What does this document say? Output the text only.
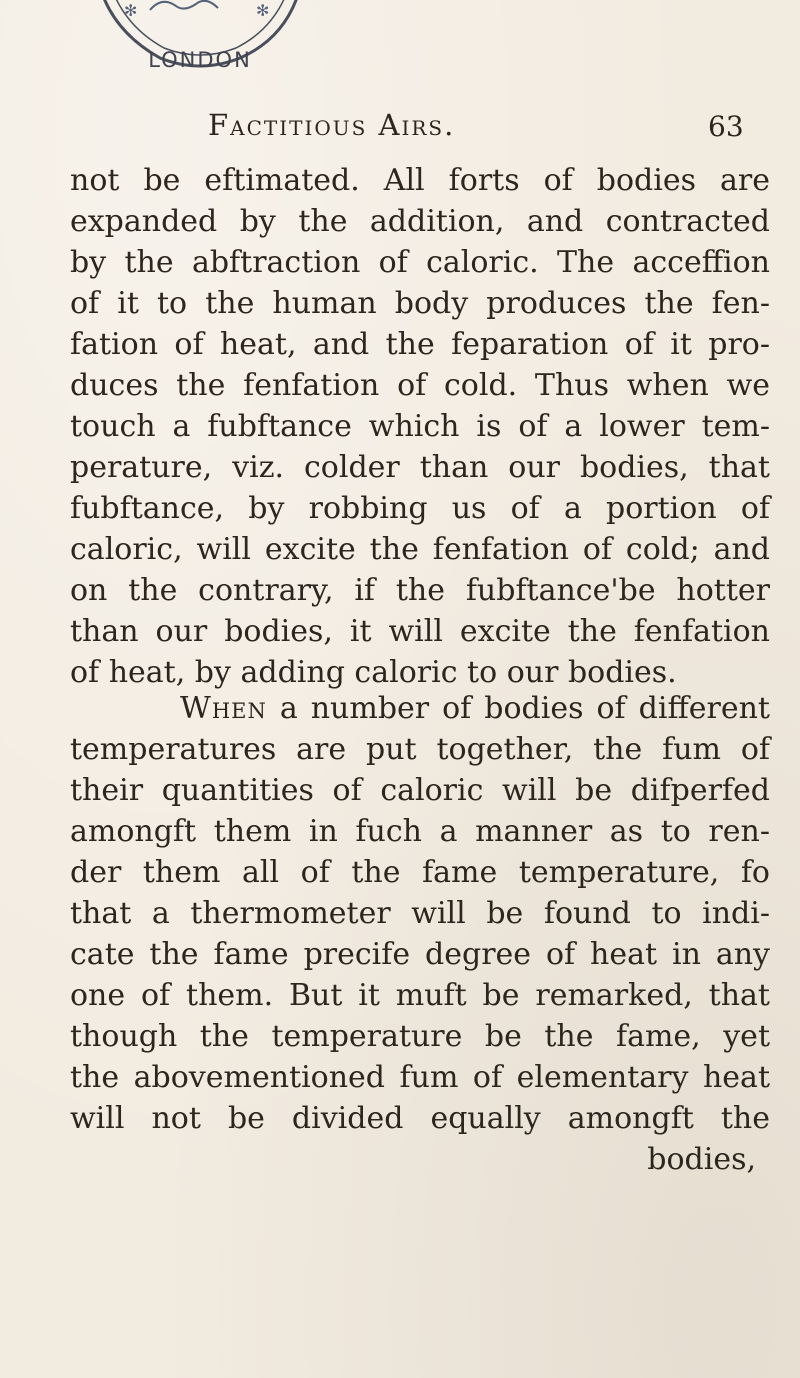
✻	✻
LONDON
Factitious Airs.	63
not be eftimated. All forts of bodies are
expanded by the addition, and contracted
by the abftraction of caloric. The acceffion
of it to the human body produces the fen-
fation of heat, and the feparation of it pro-
duces the fenfation of cold. Thus when we
touch a fubftance which is of a lower tem-
perature, viz. colder than our bodies, that
fubftance, by robbing us of a portion of
caloric, will excite the fenfation of cold; and
on the contrary, if the fubftance'be hotter
than our bodies, it will excite the fenfation
of heat, by adding caloric to our bodies.
When a number of bodies of different
temperatures are put together, the fum of
their quantities of caloric will be difperfed
amongft them in fuch a manner as to ren-
der them all of the fame temperature, fo
that a thermometer will be found to indi-
cate the fame precife degree of heat in any
one of them. But it muft be remarked, that
though the temperature be the fame, yet
the abovementioned fum of elementary heat
will not be divided equally amongft the
bodies,
